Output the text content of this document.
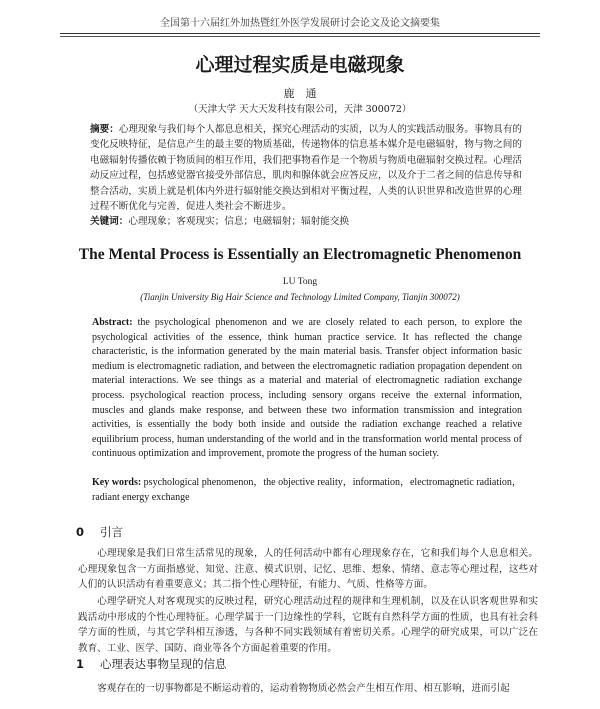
全国第十六届红外加热暨红外医学发展研讨会论文及论文摘要集
心理过程实质是电磁现象
鹿　通
（天津大学 天大天发科技有限公司，天津 300072）
摘要：心理现象与我们每个人都息息相关，探究心理活动的实质，以为人的实践活动服务。事物具有的变化反映特征，是信息产生的最主要的物质基础，传递物体的信息基本媒介是电磁辐射，物与物之间的电磁辐射传播依赖于物质间的相互作用，我们把事物看作是一个物质与物质电磁辐射交换过程。心理活动反应过程，包括感觉器官接受外部信息，肌肉和腺体就会应答反应，以及介于二者之间的信息传导和整合活动，实质上就是机体内外进行辐射能交换达到相对平衡过程，人类的认识世界和改造世界的心理过程不断优化与完善，促进人类社会不断进步。
关键词：心理现象；客观现实；信息；电磁辐射；辐射能交换
The Mental Process is Essentially an Electromagnetic Phenomenon
LU Tong
(Tianjin University Big Hair Science and Technology Limited Company, Tianjin 300072)
Abstract: the psychological phenomenon and we are closely related to each person, to explore the psychological activities of the essence, think human practice service. It has reflected the change characteristic, is the information generated by the main material basis. Transfer object information basic medium is electromagnetic radiation, and between the electromagnetic radiation propagation dependent on material interactions. We see things as a material and material of electromagnetic radiation exchange process. psychological reaction process, including sensory organs receive the external information, muscles and glands make response, and between these two information transmission and integration activities, is essentially the body both inside and outside the radiation exchange reached a relative equilibrium process, human understanding of the world and in the transformation world mental process of continuous optimization and improvement, promote the progress of the human society.
Key words: psychological phenomenon，the objective reality，information，electromagnetic radiation，radiant energy exchange
0 引言
心理现象是我们日常生活常见的现象，人的任何活动中都有心理现象存在，它和我们每个人息息相关。心理现象包含一方面指感觉、知觉、注意、模式识别、记忆、思维、想象、情绪、意志等心理过程，这些对人们的认识活动有着重要意义；其二指个性心理特征，有能力、气质、性格等方面。
心理学研究人对客观现实的反映过程，研究心理活动过程的规律和生理机制，以及在认识客观世界和实践活动中形成的个性心理特征。心理学属于一门边缘性的学科，它既有自然科学方面的性质，也具有社会科学方面的性质，与其它学科相互渗透，与各种不同实践领域有着密切关系。心理学的研究成果，可以广泛在教育、工业、医学、国防、商业等各个方面起着重要的作用。
1 心理表达事物呈现的信息
客观存在的一切事物都是不断运动着的，运动着物物质必然会产生相互作用、相互影响，进而引起
